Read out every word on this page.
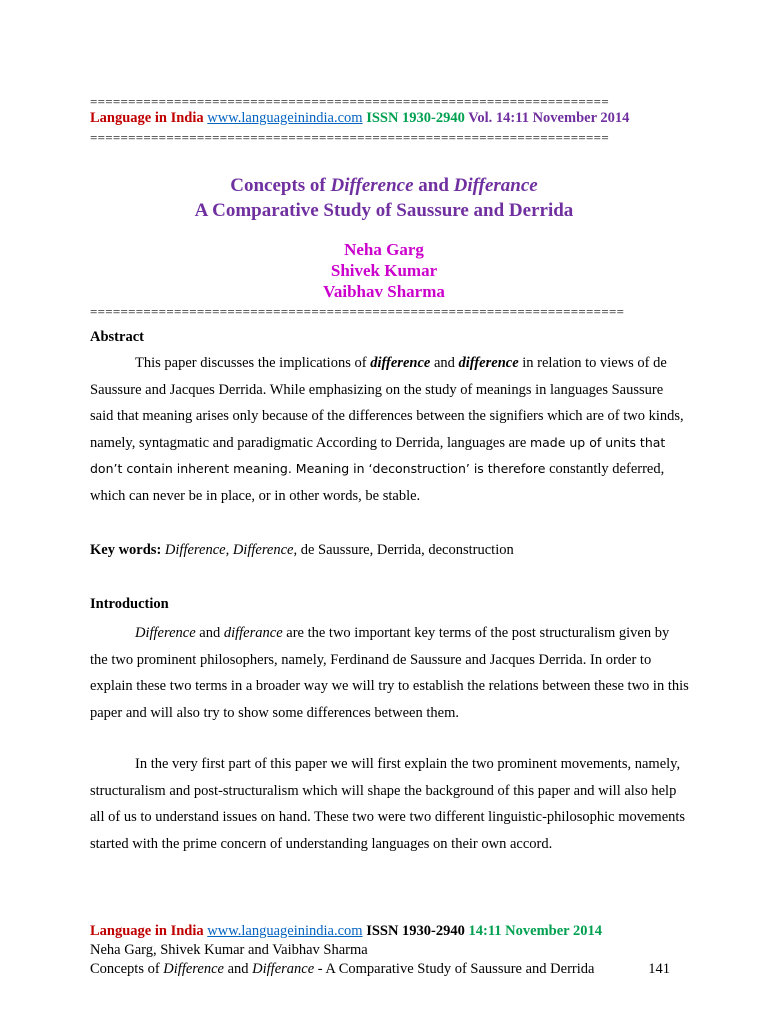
====================================================================
Language in India www.languageinindia.com ISSN 1930-2940 Vol. 14:11 November 2014
====================================================================
Concepts of Difference and Differance
A Comparative Study of Saussure and Derrida
Neha Garg
Shivek Kumar
Vaibhav Sharma
======================================================================
Abstract
This paper discusses the implications of difference and difference in relation to views of de Saussure and Jacques Derrida. While emphasizing on the study of meanings in languages Saussure said that meaning arises only because of the differences between the signifiers which are of two kinds, namely, syntagmatic and paradigmatic According to Derrida, languages are made up of units that don’t contain inherent meaning. Meaning in ‘deconstruction’ is therefore constantly deferred, which can never be in place, or in other words, be stable.
Key words: Difference, Difference, de Saussure, Derrida, deconstruction
Introduction
Difference and differance are the two important key terms of the post structuralism given by the two prominent philosophers, namely, Ferdinand de Saussure and Jacques Derrida. In order to explain these two terms in a broader way we will try to establish the relations between these two in this paper and will also try to show some differences between them.
In the very first part of this paper we will first explain the two prominent movements, namely, structuralism and post-structuralism which will shape the background of this paper and will also help all of us to understand issues on hand. These two were two different linguistic-philosophic movements started with the prime concern of understanding languages on their own accord.
Language in India www.languageinindia.com ISSN 1930-2940 14:11 November 2014
Neha Garg, Shivek Kumar and Vaibhav Sharma
Concepts of Difference and Differance - A Comparative Study of Saussure and Derrida	141
